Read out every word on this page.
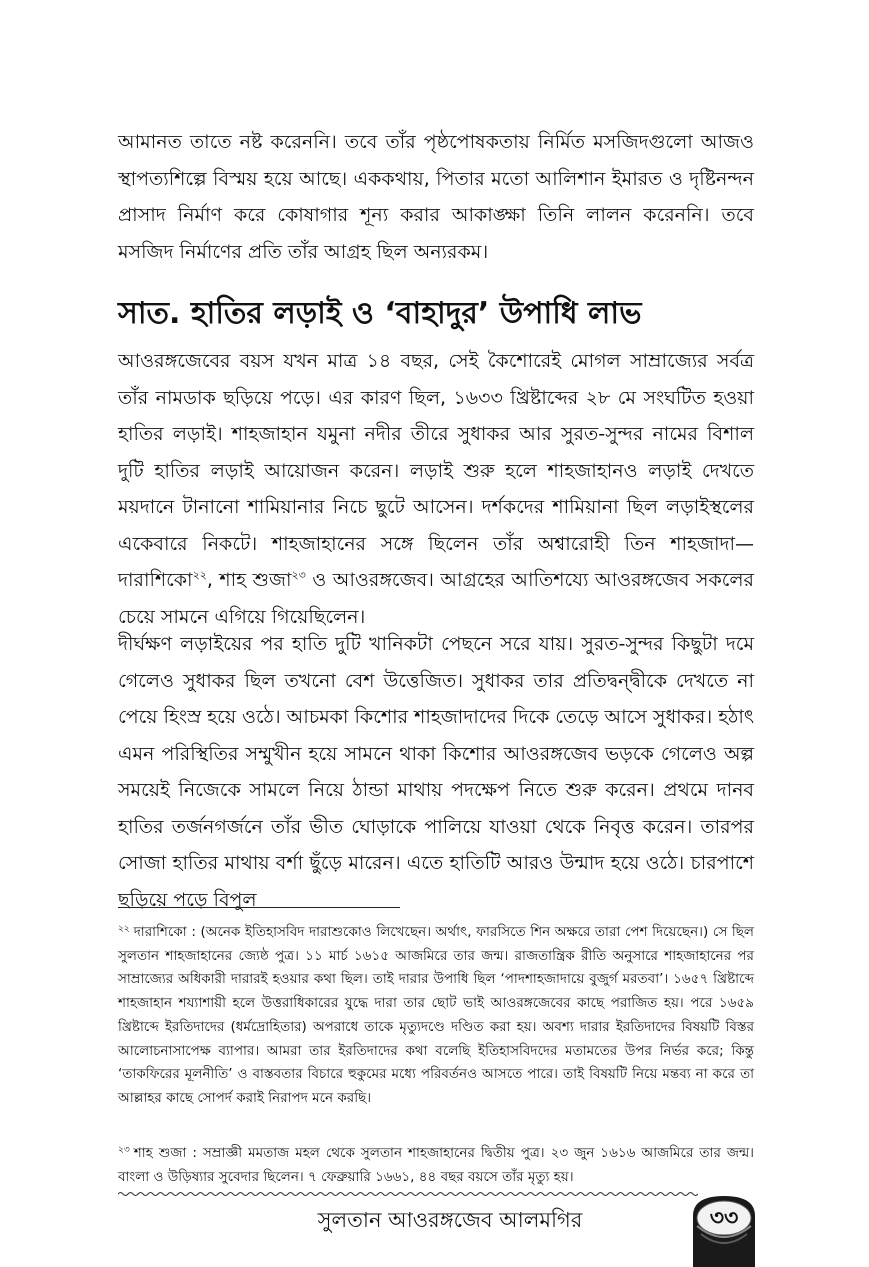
আমানত তাতে নষ্ট করেননি। তবে তাঁর পৃষ্ঠপোষকতায় নির্মিত মসজিদগুলো আজও স্থাপত্যশিল্পে বিস্ময় হয়ে আছে। এককথায়, পিতার মতো আলিশান ইমারত ও দৃষ্টিনন্দন প্রাসাদ নির্মাণ করে কোষাগার শূন্য করার আকাঙ্ক্ষা তিনি লালন করেননি। তবে মসজিদ নির্মাণের প্রতি তাঁর আগ্রহ ছিল অন্যরকম।

সাত. হাতির লড়াই ও ‘বাহাদুর’ উপাধি লাভ

আওরঙ্গজেবের বয়স যখন মাত্র ১৪ বছর, সেই কৈশোরেই মোগল সাম্রাজ্যের সর্বত্র তাঁর নামডাক ছড়িয়ে পড়ে। এর কারণ ছিল, ১৬৩৩ খ্রিষ্টাব্দের ২৮ মে সংঘটিত হওয়া হাতির লড়াই। শাহজাহান যমুনা নদীর তীরে সুধাকর আর সুরত-সুন্দর নামের বিশাল দুটি হাতির লড়াই আয়োজন করেন। লড়াই শুরু হলে শাহজাহানও লড়াই দেখতে ময়দানে টানানো শামিয়ানার নিচে ছুটে আসেন। দর্শকদের শামিয়ানা ছিল লড়াইস্থলের একেবারে নিকটে। শাহজাহানের সঙ্গে ছিলেন তাঁর অশ্বারোহী তিন শাহজাদা—দারাশিকো$^{২২}$, শাহ শুজা$^{২৩}$ ও আওরঙ্গজেব। আগ্রহের আতিশয্যে আওরঙ্গজেব সকলের চেয়ে সামনে এগিয়ে গিয়েছিলেন।

দীর্ঘক্ষণ লড়াইয়ের পর হাতি দুটি খানিকটা পেছনে সরে যায়। সুরত-সুন্দর কিছুটা দমে গেলেও সুধাকর ছিল তখনো বেশ উত্তেজিত। সুধাকর তার প্রতিদ্বন্দ্বীকে দেখতে না পেয়ে হিংস্র হয়ে ওঠে। আচমকা কিশোর শাহজাদাদের দিকে তেড়ে আসে সুধাকর। হঠাৎ এমন পরিস্থিতির সম্মুখীন হয়ে সামনে থাকা কিশোর আওরঙ্গজেব ভড়কে গেলেও অল্প সময়েই নিজেকে সামলে নিয়ে ঠান্ডা মাথায় পদক্ষেপ নিতে শুরু করেন। প্রথমে দানব হাতির তর্জনগর্জনে তাঁর ভীত ঘোড়াকে পালিয়ে যাওয়া থেকে নিবৃত্ত করেন। তারপর সোজা হাতির মাথায় বর্শা ছুঁড়ে মারেন। এতে হাতিটি আরও উন্মাদ হয়ে ওঠে। চারপাশে ছড়িয়ে পড়ে বিপুল

$^{২২}$ দারাশিকো : (অনেক ইতিহাসবিদ দারাশুকোও লিখেছেন। অর্থাৎ, ফারসিতে শিন অক্ষরে তারা পেশ দিয়েছেন।) সে ছিল সুলতান শাহজাহানের জ্যেষ্ঠ পুত্র। ১১ মার্চ ১৬১৫ আজমিরে তার জন্ম। রাজতান্ত্রিক রীতি অনুসারে শাহজাহানের পর সাম্রাজ্যের অধিকারী দারারই হওয়ার কথা ছিল। তাই দারার উপাধি ছিল ‘পাদশাহজাদায়ে বুজুর্গ মরতবা’। ১৬৫৭ খ্রিষ্টাব্দে শাহজাহান শয্যাশায়ী হলে উত্তরাধিকারের যুদ্ধে দারা তার ছোট ভাই আওরঙ্গজেবের কাছে পরাজিত হয়। পরে ১৬৫৯ খ্রিষ্টাব্দে ইরতিদাদের (ধর্মদ্রোহিতার) অপরাধে তাকে মৃত্যুদণ্ডে দণ্ডিত করা হয়। অবশ্য দারার ইরতিদাদের বিষয়টি বিস্তর আলোচনাসাপেক্ষ ব্যাপার। আমরা তার ইরতিদাদের কথা বলেছি ইতিহাসবিদদের মতামতের উপর নির্ভর করে; কিন্তু ‘তাকফিরের মূলনীতি’ ও বাস্তবতার বিচারে হুকুমের মধ্যে পরিবর্তনও আসতে পারে। তাই বিষয়টি নিয়ে মন্তব্য না করে তা আল্লাহর কাছে সোপর্দ করাই নিরাপদ মনে করছি।

$^{২৩}$ শাহ শুজা : সম্রাজ্ঞী মমতাজ মহল থেকে সুলতান শাহজাহানের দ্বিতীয় পুত্র। ২৩ জুন ১৬১৬ আজমিরে তার জন্ম। বাংলা ও উড়িষ্যার সুবেদার ছিলেন। ৭ ফেব্রুয়ারি ১৬৬১, ৪৪ বছর বয়সে তাঁর মৃত্যু হয়।

সুলতান আওরঙ্গজেব আলমগির	৩৩
